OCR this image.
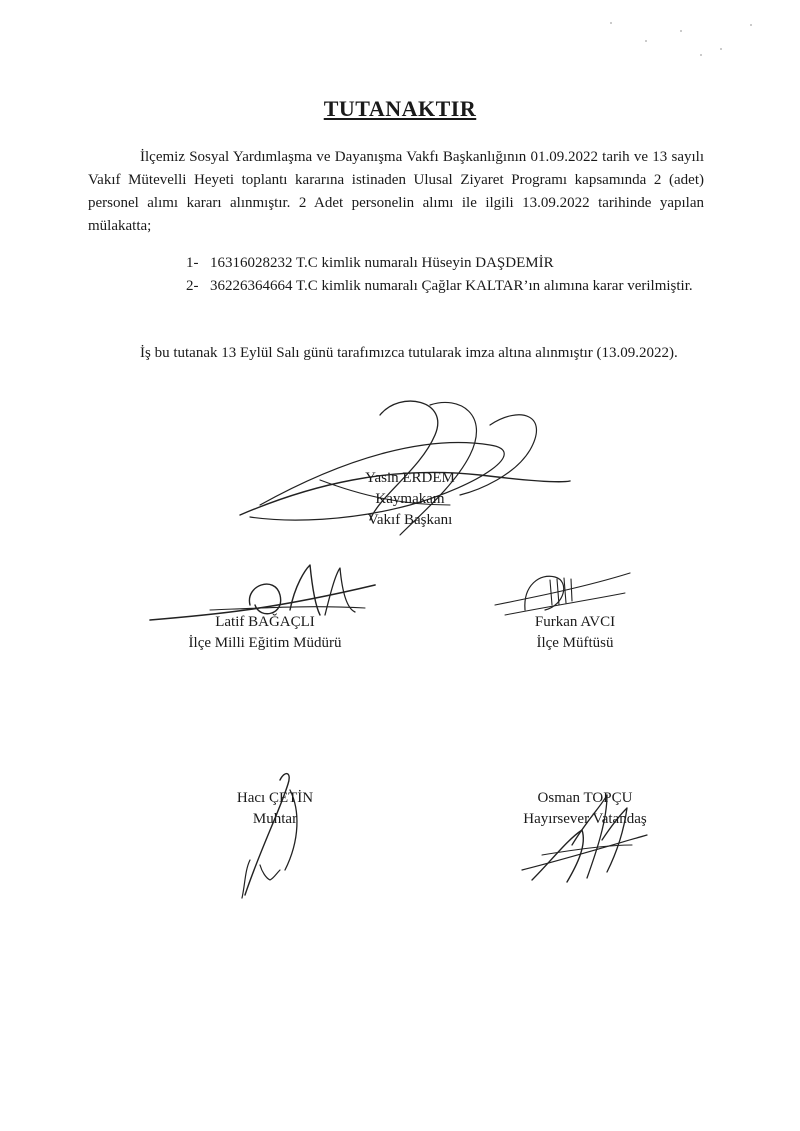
TUTANAKTIR

İlçemiz Sosyal Yardımlaşma ve Dayanışma Vakfı Başkanlığının 01.09.2022 tarih ve 13 sayılı Vakıf Mütevelli Heyeti toplantı kararına istinaden Ulusal Ziyaret Programı kapsamında 2 (adet) personel alımı kararı alınmıştır. 2 Adet personelin alımı ile ilgili 13.09.2022 tarihinde yapılan mülakatta;

1- 16316028232 T.C kimlik numaralı Hüseyin DAŞDEMİR
2- 36226364664 T.C kimlik numaralı Çağlar KALTAR’ın alımına karar verilmiştir.

İş bu tutanak 13 Eylül Salı günü tarafımızca tutularak imza altına alınmıştır (13.09.2022).

Yasin ERDEM
Kaymakam
Vakıf Başkanı
Latif BAĞAÇLI
İlçe Milli Eğitim Müdürü
Furkan AVCI
İlçe Müftüsü
Hacı ÇETİN
Muhtar
Osman TOPÇU
Hayırsever Vatandaş
